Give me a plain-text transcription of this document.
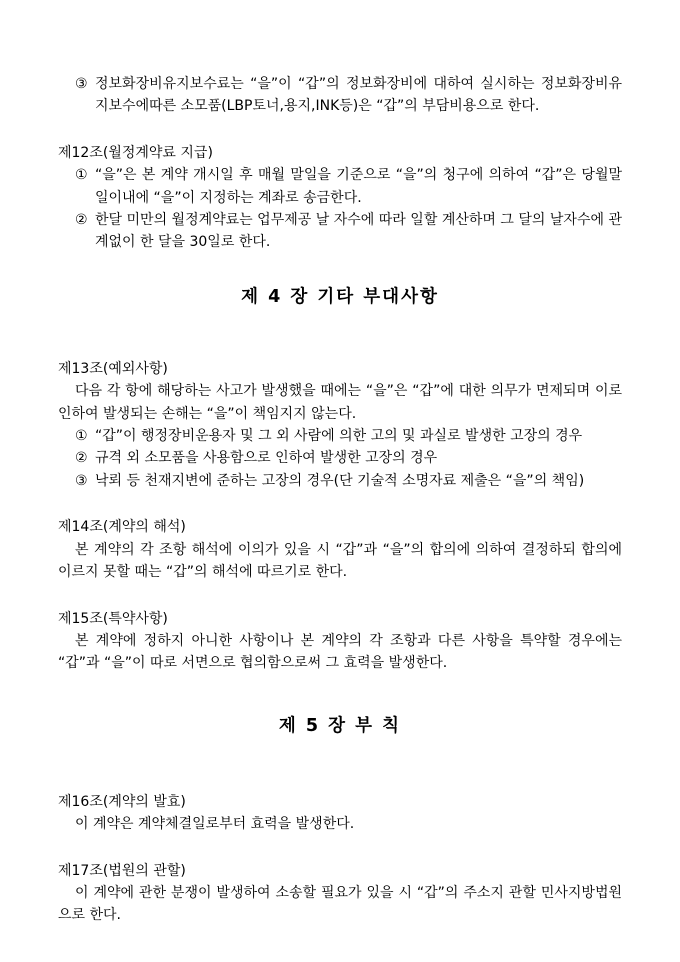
③ 정보화장비유지보수료는 “을”이 “갑”의 정보화장비에 대하여 실시하는 정보화장비유지보수에따른 소모품(LBP토너,용지,INK등)은 “갑”의 부담비용으로 한다.
제12조(월정계약료 지급)
① “을”은 본 계약 개시일 후 매월 말일을 기준으로 “을”의 청구에 의하여 “갑”은 당월말일이내에 “을”이 지정하는 계좌로 송금한다.
② 한달 미만의 월정계약료는 업무제공 날 자수에 따라 일할 계산하며 그 달의 날자수에 관계없이 한 달을 30일로 한다.
제 4 장 기타 부대사항
제13조(예외사항)
다음 각 항에 해당하는 사고가 발생했을 때에는 “을”은 “갑”에 대한 의무가 면제되며 이로 인하여 발생되는 손해는 “을”이 책임지지 않는다.
① “갑”이 행정장비운용자 및 그 외 사람에 의한 고의 및 과실로 발생한 고장의 경우
② 규격 외 소모품을 사용함으로 인하여 발생한 고장의 경우
③ 낙뢰 등 천재지변에 준하는 고장의 경우(단 기술적 소명자료 제출은 “을”의 책임)
제14조(계약의 해석)
본 계약의 각 조항 해석에 이의가 있을 시 “갑”과 “을”의 합의에 의하여 결정하되 합의에 이르지 못할 때는 “갑”의 해석에 따르기로 한다.
제15조(특약사항)
본 계약에 정하지 아니한 사항이나 본 계약의 각 조항과 다른 사항을 특약할 경우에는 “갑”과 “을”이 따로 서면으로 협의함으로써 그 효력을 발생한다.
제 5 장 부 칙
제16조(계약의 발효)
이 계약은 계약체결일로부터 효력을 발생한다.
제17조(법원의 관할)
이 계약에 관한 분쟁이 발생하여 소송할 필요가 있을 시 “갑”의 주소지 관할 민사지방법원으로 한다.
